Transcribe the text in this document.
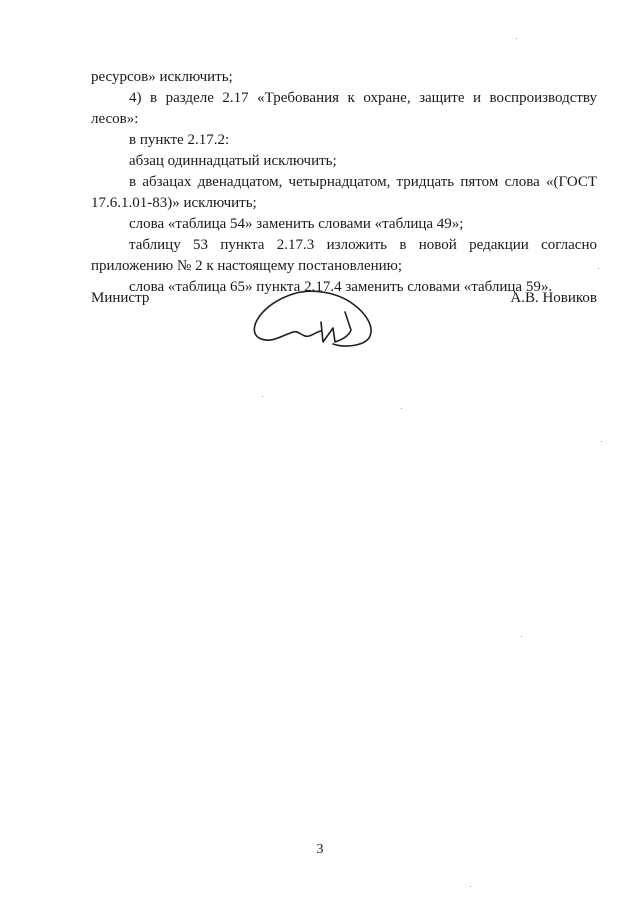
ресурсов» исключить;
4) в разделе 2.17 «Требования к охране, защите и воспроизводству
лесов»:
в пункте 2.17.2:
абзац одиннадцатый исключить;
в абзацах двенадцатом, четырнадцатом, тридцать пятом слова «(ГОСТ
17.6.1.01-83)» исключить;
слова «таблица 54» заменить словами «таблица 49»;
таблицу 53 пункта 2.17.3 изложить в новой редакции согласно
приложению № 2 к настоящему постановлению;
слова «таблица 65» пункта 2.17.4 заменить словами «таблица 59».
Министр	А.В. Новиков
3
